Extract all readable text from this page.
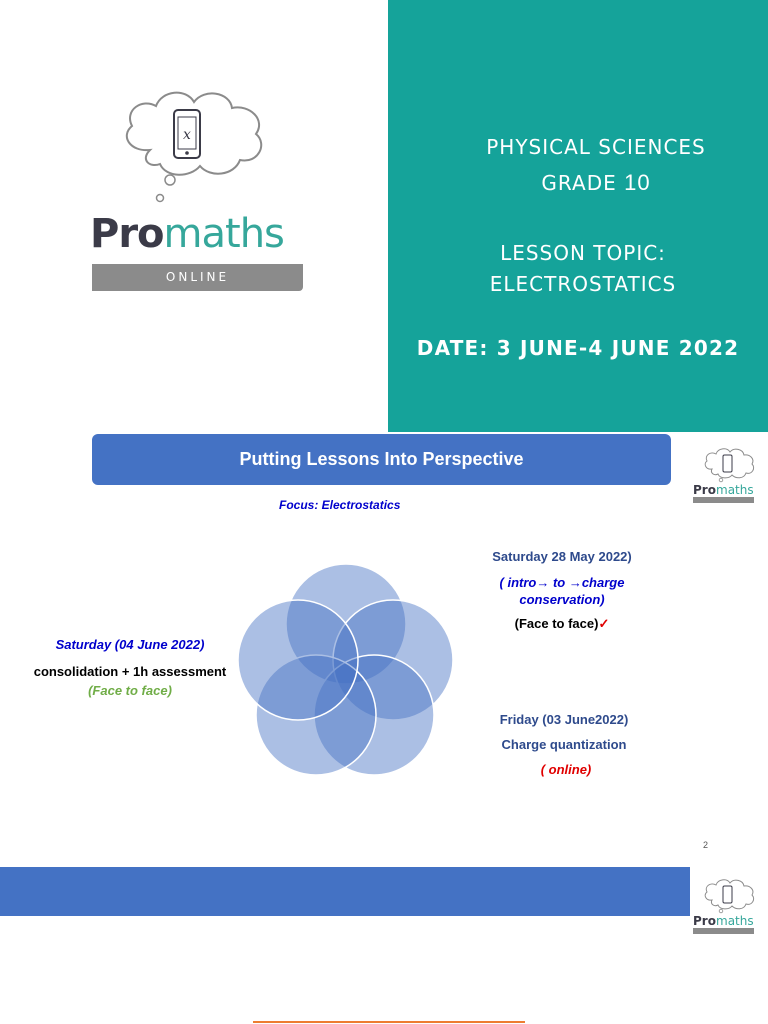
x
Promaths
ONLINE
PHYSICAL SCIENCES
GRADE 10
LESSON TOPIC:
ELECTROSTATICS
DATE: 3 JUNE-4 JUNE 2022
Putting Lessons Into Perspective
Pro maths
Focus: Electrostatics
Saturday (04 June 2022)
consolidation + 1h assessment
(Face to face)
Saturday 28 May 2022)
( intro→ to →charge
conservation)
(Face to face)✓
Friday (03 June2022)
Charge quantization
( online)
2
Pro maths
